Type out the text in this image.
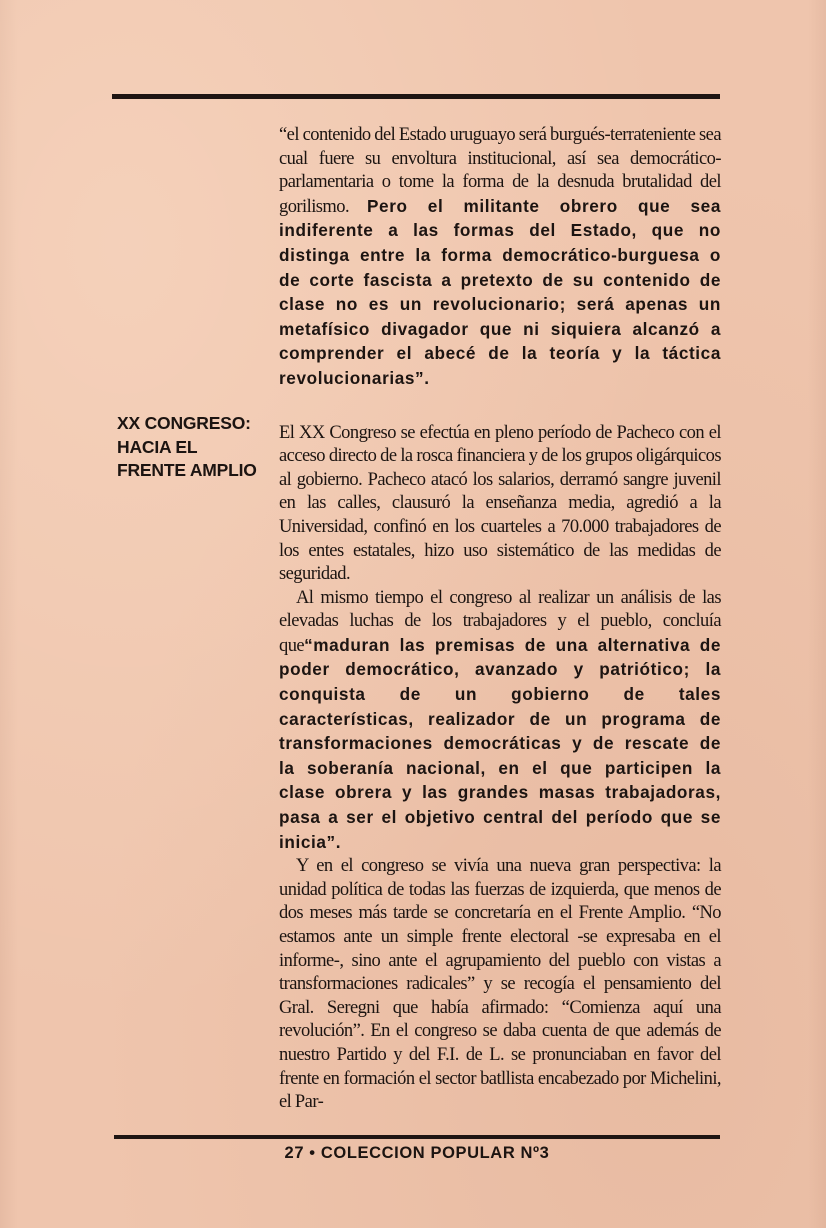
“el contenido del Estado uruguayo será burgués-terrateniente sea cual fuere su envoltura institucional, así sea democrático-parlamentaria o tome la forma de la desnuda brutalidad del gorilismo. Pero el militante obrero que sea indiferente a las formas del Estado, que no distinga entre la forma democrático-burguesa o de corte fascista a pretexto de su contenido de clase no es un revolucionario; será apenas un metafísico divagador que ni siquiera alcanzó a comprender el abecé de la teoría y la táctica revolucionarias”.

El XX Congreso se efectúa en pleno período de Pacheco con el acceso directo de la rosca financiera y de los grupos oligárquicos al gobierno. Pacheco atacó los salarios, derramó sangre juvenil en las calles, clausuró la enseñanza media, agredió a la Universidad, confinó en los cuarteles a 70.000 trabajadores de los entes estatales, hizo uso sistemático de las medidas de seguridad.

Al mismo tiempo el congreso al realizar un análisis de las elevadas luchas de los trabajadores y el pueblo, concluía que“maduran las premisas de una alternativa de poder democrático, avanzado y patriótico; la conquista de un gobierno de tales características, realizador de un programa de transformaciones democráticas y de rescate de la soberanía nacional, en el que participen la clase obrera y las grandes masas trabajadoras, pasa a ser el objetivo central del período que se inicia”.

Y en el congreso se vivía una nueva gran perspectiva: la unidad política de todas las fuerzas de izquierda, que menos de dos meses más tarde se concretaría en el Frente Amplio. “No estamos ante un simple frente electoral -se expresaba en el informe-, sino ante el agrupamiento del pueblo con vistas a transformaciones radicales” y se recogía el pensamiento del Gral. Seregni que había afirmado: “Comienza aquí una revolución”. En el congreso se daba cuenta de que además de nuestro Partido y del F.I. de L. se pronunciaban en favor del frente en formación el sector batllista encabezado por Michelini, el Par-

XX CONGRESO:
HACIA EL
FRENTE AMPLIO
27 • COLECCION POPULAR Nº3
